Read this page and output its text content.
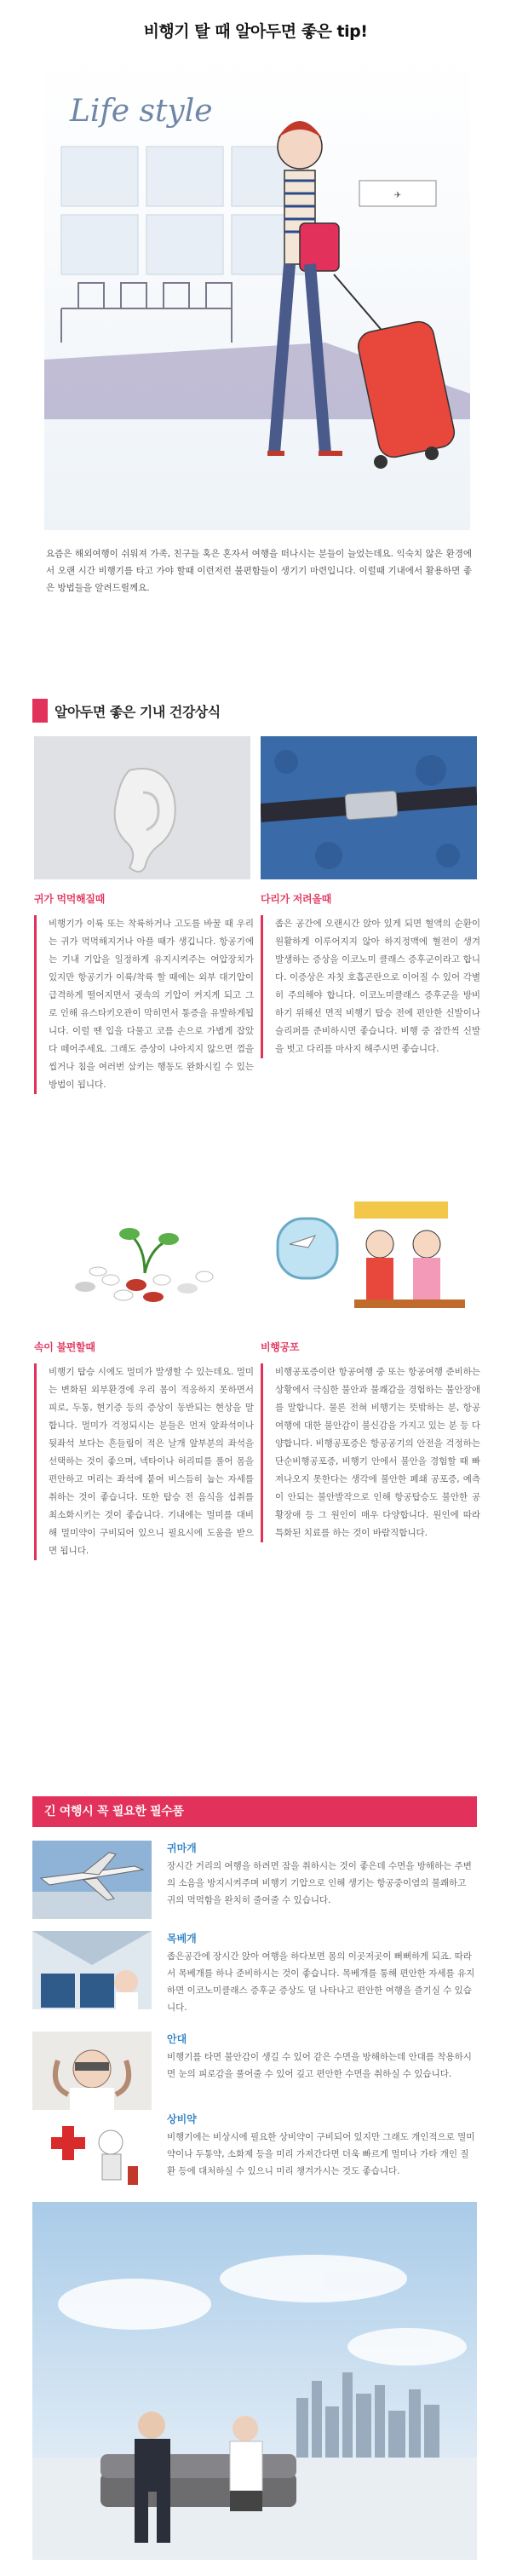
비행기 탈 때 알아두면 좋은 tip!
✈
Life style

요즘은 해외여행이 쉬워져 가족, 친구들 혹은 혼자서 여행을 떠나시는 분들이 늘었는데요. 익숙치 않은 환경에서 오랜 시간 비행기를 타고 가야 할때 이런저런 불편함들이 생기기 마련입니다. 이럴때 기내에서 활용하면 좋은 방법들을 알려드릴께요.

알아두면 좋은 기내 건강상식
귀가 먹먹해질때

비행기가 이륙 또는 착륙하거나 고도를 바꿀 때 우리는 귀가 먹먹해지거나 아플 때가 생깁니다. 항공기에는 기내 기압을 일정하게 유지시켜주는 여압장치가 있지만 항공기가 이륙/착륙 할 때에는 외부 대기압이 급격하게 떨어지면서 귓속의 기압이 커지게 되고 그로 인해 유스타키오관이 막히면서 통증을 유발하게됩니다. 이럴 땐 입을 다물고 코를 손으로 가볍게 잡았다 떼어주세요. 그래도 증상이 나아지지 않으면 껌을 씹거나 침을 여러번 삼키는 행동도 완화시킬 수 있는 방법이 됩니다.

다리가 저려올때

좁은 공간에 오랜시간 앉아 있게 되면 혈액의 순환이 원활하게 이루어지지 않아 하지정맥에 혈전이 생겨 발생하는 증상을 이코노미 클래스 증후군이라고 합니다. 이증상은 자칫 호흡곤란으로 이어질 수 있어 각별히 주의해야 합니다. 이코노미클래스 증후군을 방비하기 위해선 면적 비행기 탑승 전에 편안한 신발이나 슬리퍼를 준비하시면 좋습니다. 비행 중 잠깐씩 신발을 벗고 다리를 마사지 해주시면 좋습니다.

속이 불편할때

비행기 탑승 시에도 멀미가 발생할 수 있는데요. 멀미는 변화된 외부환경에 우리 몸이 적응하지 못하면서 피로, 두통, 현기증 등의 증상이 동반되는 현상을 말합니다. 멀미가 걱정되시는 분들은 먼저 앞좌석이나 뒷좌석 보다는 흔들림이 적은 날개 앞부분의 좌석을 선택하는 것이 좋으며, 넥타이나 허리띠를 풀어 몸을 편안하고 머리는 좌석에 붙여 비스듬히 눕는 자세를 취하는 것이 좋습니다. 또한 탑승 전 음식을 섭취를 최소화시키는 것이 좋습니다. 기내에는 멀미를 대비해 멀미약이 구비되어 있으니 필요시에 도움을 받으면 됩니다.

비행공포

비행공포증이란 항공여행 중 또는 항공여행 준비하는 상황에서 극심한 불안과 불쾌감을 경험하는 불안장애를 말합니다. 물론 전혀 비행기는 뜻밖하는 분, 항공여행에 대한 불안감이 불신감을 가지고 있는 분 등 다양합니다. 비행공포증은 항공공기의 안전을 걱정하는 단순비행공포증, 비행기 안에서 불안을 경험할 때 빠져나오지 못한다는 생각에 불안한 폐쇄 공포증, 예측이 안되는 불안발작으로 인해 항공탑승도 불안한 공황장애 등 그 원인이 매우 다양합니다. 원인에 따라 특화된 치료를 하는 것이 바람직합니다.

긴 여행시 꼭 필요한 필수품
귀마개

장시간 거리의 여행을 하려면 잠을 취하시는 것이 좋은데 수면을 방해하는 주변의 소음을 방지시켜주며 비행기 기압으로 인해 생기는 항공중이염의 불쾌하고 귀의 먹먹함을 완치히 줄어줄 수 있습니다.

목베개

좁은공간에 장시간 앉아 여행을 하다보면 몸의 이곳저곳이 뻐뻐하게 되죠. 따라서 목베개를 하나 준비하시는 것이 좋습니다. 목베개를 통해 편안한 자세를 유지하면 이코노미클래스 증후군 증상도 덜 나타나고 편안한 여행을 즐기실 수 있습니다.

안대

비행기를 타면 불안감이 생길 수 있어 같은 수면을 방해하는데 안대를 착용하시면 눈의 피로감을 풀어줄 수 있어 깊고 편안한 수면을 취하실 수 있습니다.

상비약

비행기에는 비상시에 필요한 상비약이 구비되어 있지만 그래도 개인적으로 멀미약이나 두통약, 소화제 등을 미리 가져간다면 더욱 빠르게 멀미나 가타 개인 질환 등에 대처하실 수 있으니 미리 챙겨가시는 것도 좋습니다.
